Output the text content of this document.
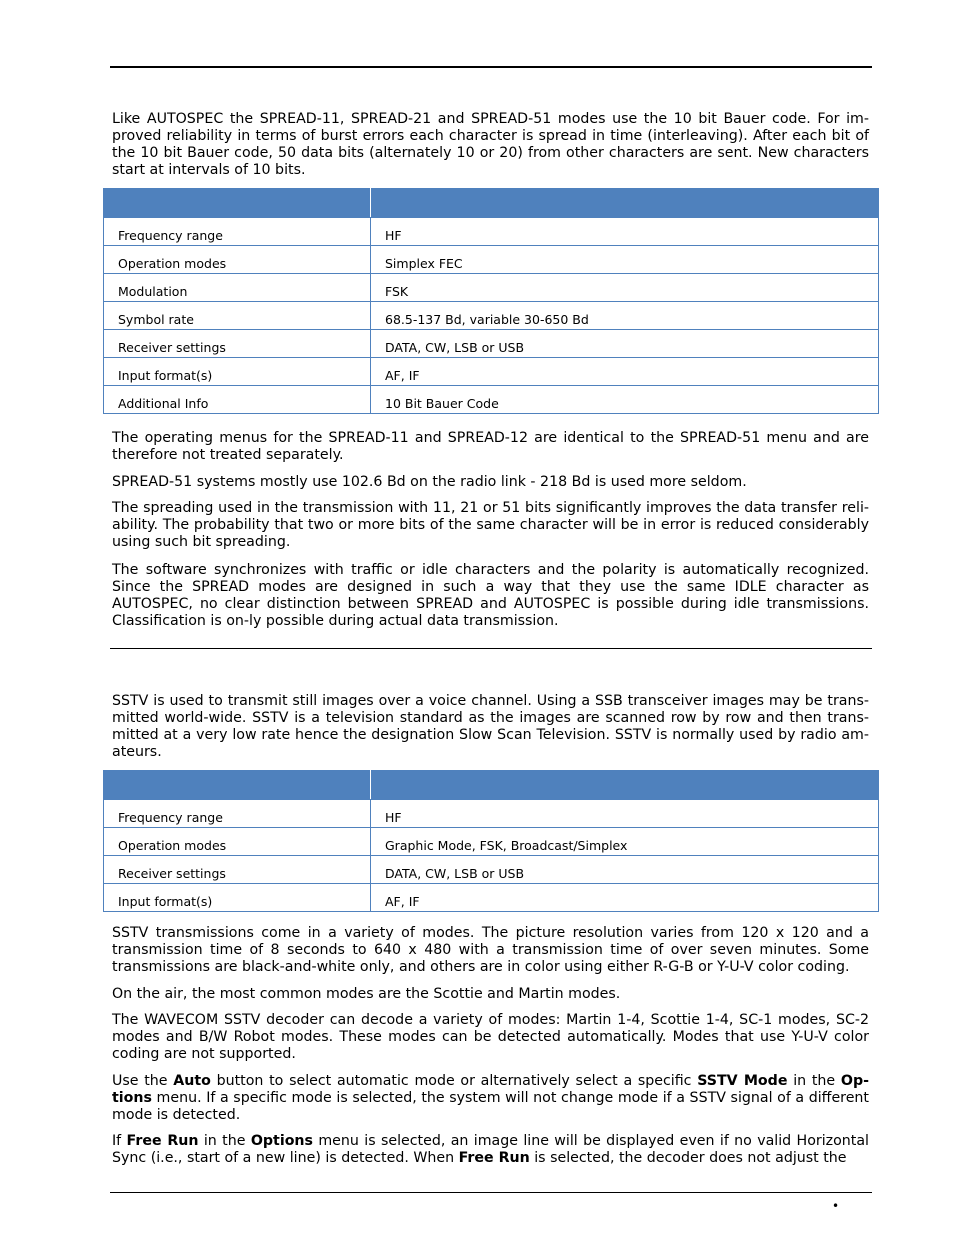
Like AUTOSPEC the SPREAD-11, SPREAD-21 and SPREAD-51 modes use the 10 bit Bauer code. For im-proved reliability in terms of burst errors each character is spread in time (interleaving). After each bit of the 10 bit Bauer code, 50 data bits (alternately 10 or 20) from other characters are sent. New characters start at intervals of 10 bits.

Frequency range	HF
Operation modes	Simplex FEC
Modulation	FSK
Symbol rate	68.5-137 Bd, variable 30-650 Bd
Receiver settings	DATA, CW, LSB or USB
Input format(s)	AF, IF
Additional Info	10 Bit Bauer Code

The operating menus for the SPREAD-11 and SPREAD-12 are identical to the SPREAD-51 menu and are therefore not treated separately.

SPREAD-51 systems mostly use 102.6 Bd on the radio link - 218 Bd is used more seldom.

The spreading used in the transmission with 11, 21 or 51 bits significantly improves the data transfer reli-ability. The probability that two or more bits of the same character will be in error is reduced considerably using such bit spreading.

The software synchronizes with traffic or idle characters and the polarity is automatically recognized. Since the SPREAD modes are designed in such a way that they use the same IDLE character as AUTOSPEC, no clear distinction between SPREAD and AUTOSPEC is possible during idle transmissions. Classification is on-ly possible during actual data transmission.

SSTV is used to transmit still images over a voice channel. Using a SSB transceiver images may be trans-mitted world-wide. SSTV is a television standard as the images are scanned row by row and then trans-mitted at a very low rate hence the designation Slow Scan Television. SSTV is normally used by radio am-ateurs.

Frequency range	HF
Operation modes	Graphic Mode, FSK, Broadcast/Simplex
Receiver settings	DATA, CW, LSB or USB
Input format(s)	AF, IF

SSTV transmissions come in a variety of modes. The picture resolution varies from 120 x 120 and a transmission time of 8 seconds to 640 x 480 with a transmission time of over seven minutes. Some transmissions are black-and-white only, and others are in color using either R-G-B or Y-U-V color coding.

On the air, the most common modes are the Scottie and Martin modes.

The WAVECOM SSTV decoder can decode a variety of modes: Martin 1-4, Scottie 1-4, SC-1 modes, SC-2 modes and B/W Robot modes. These modes can be detected automatically. Modes that use Y-U-V color coding are not supported.

Use the Auto button to select automatic mode or alternatively select a specific SSTV Mode in the Op-tions menu. If a specific mode is selected, the system will not change mode if a SSTV signal of a different mode is detected.

If Free Run in the Options menu is selected, an image line will be displayed even if no valid Horizontal Sync (i.e., start of a new line) is detected. When Free Run is selected, the decoder does not adjust the

•
